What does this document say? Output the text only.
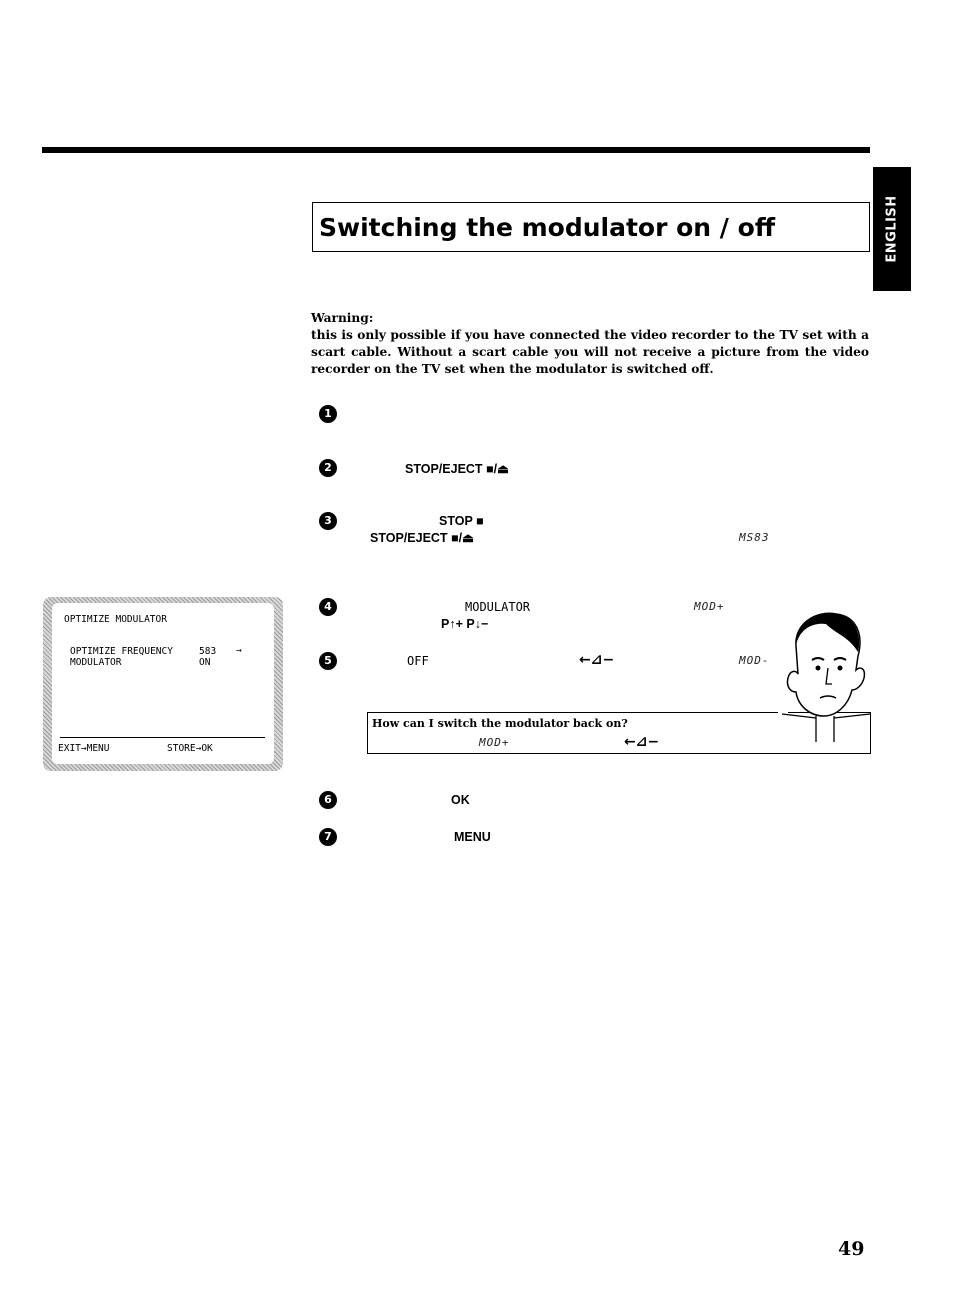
ENGLISH
Switching the modulator on / off
Warning:
this is only possible if you have connected the video recorder to the TV set with a scart cable. Without a scart cable you will not receive a picture from the video recorder on the TV set when the modulator is switched off.
1
2
3
4
5
6
7
STOP/EJECT ■/⏏
STOP ■
STOP/EJECT ■/⏏	MS83
MODULATOR
P↑+ P↓−
MOD+
OFF	←⊿−	MOD-
How can I switch the modulator back on?
MOD+	←⊿−
OK
MENU
OPTIMIZE MODULATOR
OPTIMIZE FREQUENCY	583 →
MODULATOR	ON
EXIT→MENU	STORE→OK
49
